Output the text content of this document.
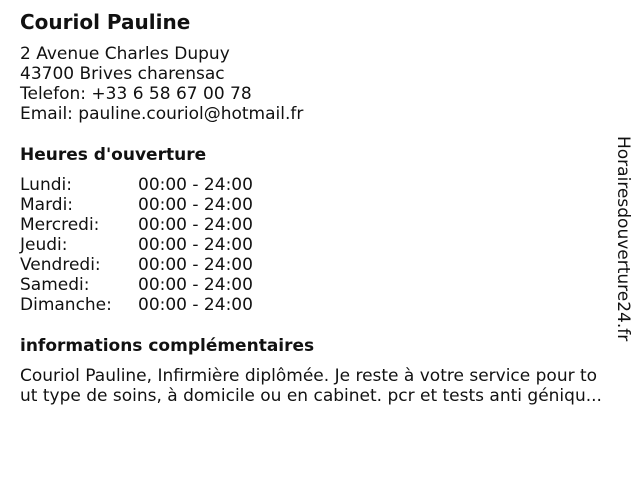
Couriol Pauline
2 Avenue Charles Dupuy
43700 Brives charensac
Telefon: +33 6 58 67 00 78
Email: pauline.couriol@hotmail.fr
Heures d'ouverture
Lundi:	00:00 - 24:00
Mardi:	00:00 - 24:00
Mercredi:	00:00 - 24:00
Jeudi:	00:00 - 24:00
Vendredi:	00:00 - 24:00
Samedi:	00:00 - 24:00
Dimanche:	00:00 - 24:00
informations complémentaires
Couriol Pauline, Infirmière diplômée. Je reste à votre service pour to
ut type de soins, à domicile ou en cabinet. pcr et tests anti géniqu...
Horairesdouverture24.fr
